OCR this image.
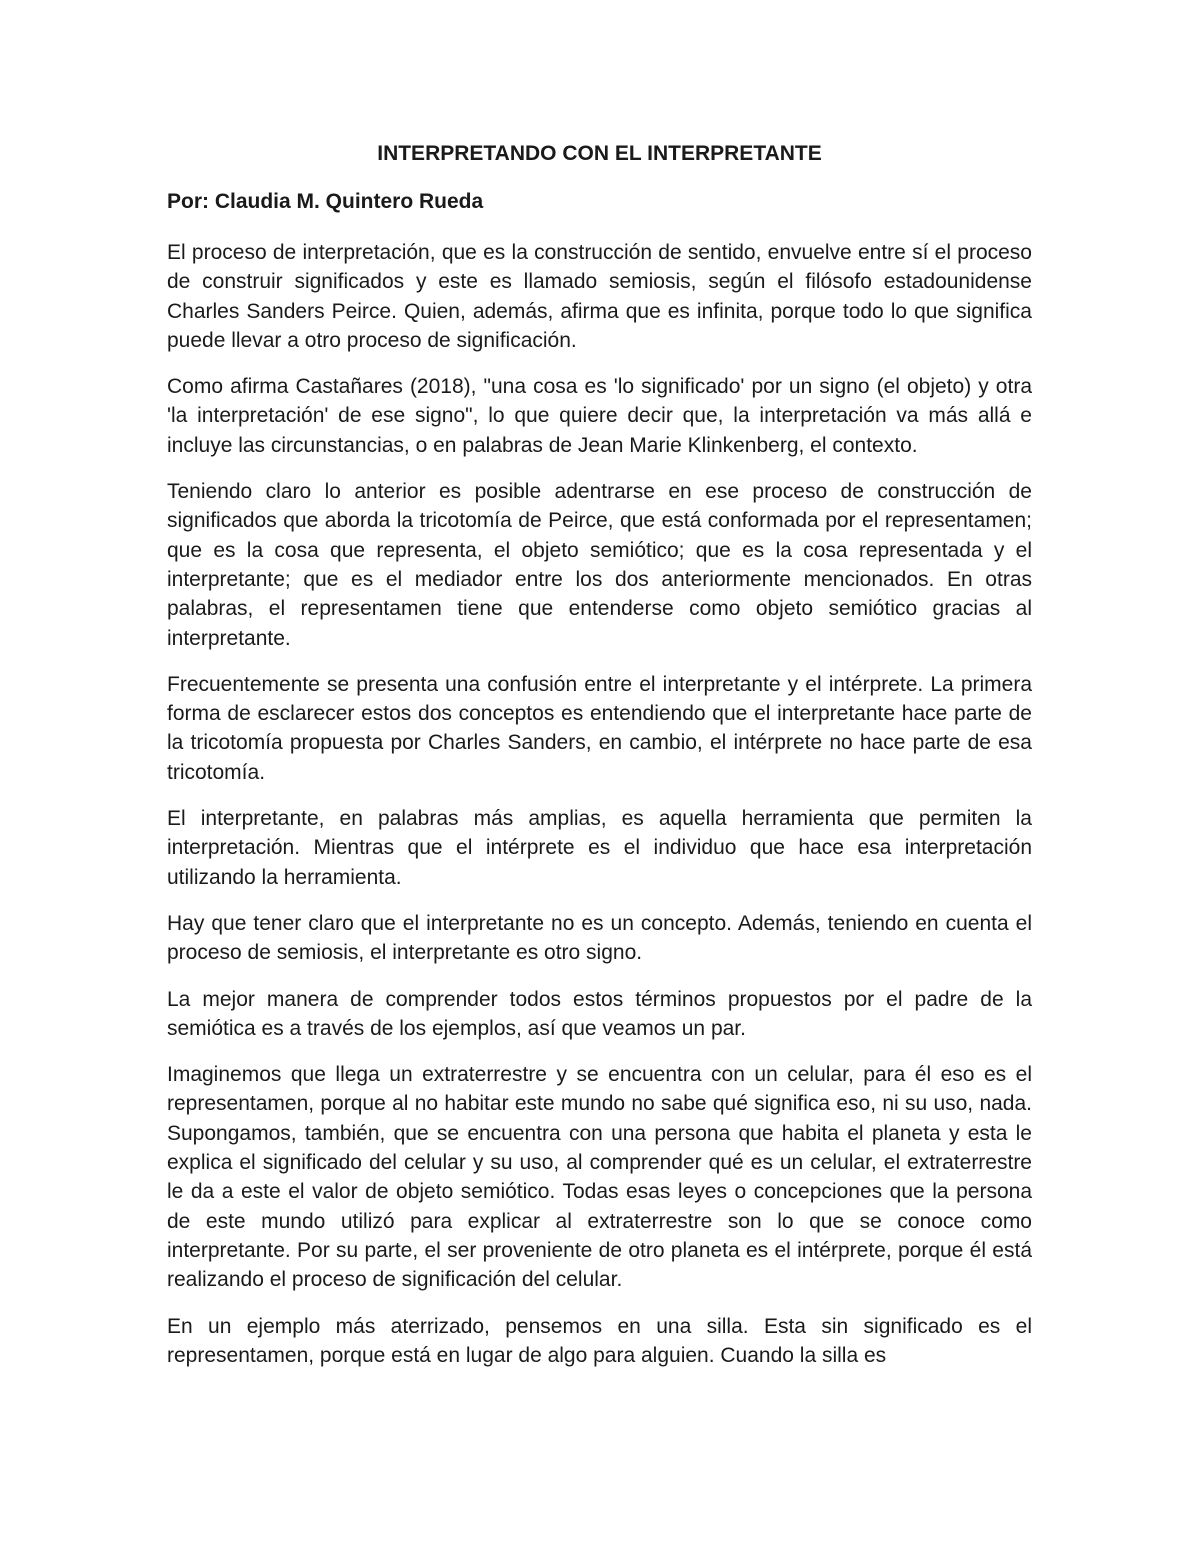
INTERPRETANDO CON EL INTERPRETANTE

Por: Claudia M. Quintero Rueda

El proceso de interpretación, que es la construcción de sentido, envuelve entre sí el proceso de construir significados y este es llamado semiosis, según el filósofo estadounidense Charles Sanders Peirce. Quien, además, afirma que es infinita, porque todo lo que significa puede llevar a otro proceso de significación.

Como afirma Castañares (2018), "una cosa es 'lo significado' por un signo (el objeto) y otra 'la interpretación' de ese signo", lo que quiere decir que, la interpretación va más allá e incluye las circunstancias, o en palabras de Jean Marie Klinkenberg, el contexto.

Teniendo claro lo anterior es posible adentrarse en ese proceso de construcción de significados que aborda la tricotomía de Peirce, que está conformada por el representamen; que es la cosa que representa, el objeto semiótico; que es la cosa representada y el interpretante; que es el mediador entre los dos anteriormente mencionados. En otras palabras, el representamen tiene que entenderse como objeto semiótico gracias al interpretante.

Frecuentemente se presenta una confusión entre el interpretante y el intérprete. La primera forma de esclarecer estos dos conceptos es entendiendo que el interpretante hace parte de la tricotomía propuesta por Charles Sanders, en cambio, el intérprete no hace parte de esa tricotomía.

El interpretante, en palabras más amplias, es aquella herramienta que permiten la interpretación. Mientras que el intérprete es el individuo que hace esa interpretación utilizando la herramienta.

Hay que tener claro que el interpretante no es un concepto. Además, teniendo en cuenta el proceso de semiosis, el interpretante es otro signo.

La mejor manera de comprender todos estos términos propuestos por el padre de la semiótica es a través de los ejemplos, así que veamos un par.

Imaginemos que llega un extraterrestre y se encuentra con un celular, para él eso es el representamen, porque al no habitar este mundo no sabe qué significa eso, ni su uso, nada. Supongamos, también, que se encuentra con una persona que habita el planeta y esta le explica el significado del celular y su uso, al comprender qué es un celular, el extraterrestre le da a este el valor de objeto semiótico. Todas esas leyes o concepciones que la persona de este mundo utilizó para explicar al extraterrestre son lo que se conoce como interpretante. Por su parte, el ser proveniente de otro planeta es el intérprete, porque él está realizando el proceso de significación del celular.

En un ejemplo más aterrizado, pensemos en una silla. Esta sin significado es el representamen, porque está en lugar de algo para alguien. Cuando la silla es
